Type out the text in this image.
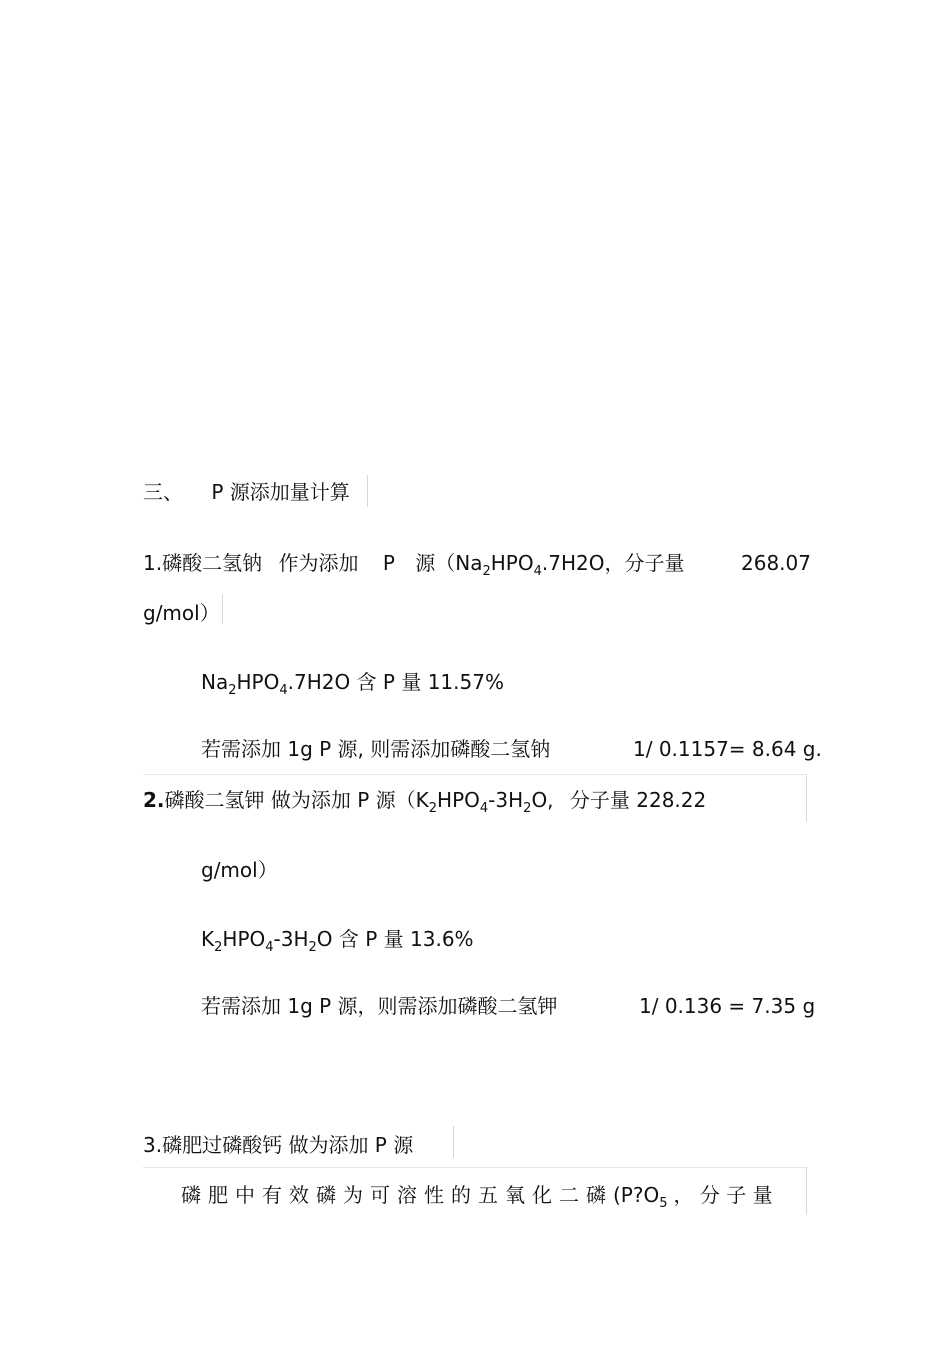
三、 P 源添加量计算
1.磷酸二氢钠 作为添加 P 源（$Na_2HPO_4.7H2O$，分子量	268.07
g/mol）
$Na_2HPO_4.7H2O$ 含 P 量 11.57%
若需添加 1g P 源, 则需添加磷酸二氢钠	1/ 0.1157= 8.64 g.
2.磷酸二氢钾 做为添加 P 源（$K_2HPO_4-3H_2O$, 分子量 228.22
g/mol）
$K_2HPO_4-3H_2O$ 含 P 量 13.6%
若需添加 1g P 源，则需添加磷酸二氢钾	1/ 0.136 = 7.35 g
3.磷肥过磷酸钙 做为添加 P 源
磷肥中有效磷为可溶性的五氧化二磷($P?O_5$ ， 分 子 量
